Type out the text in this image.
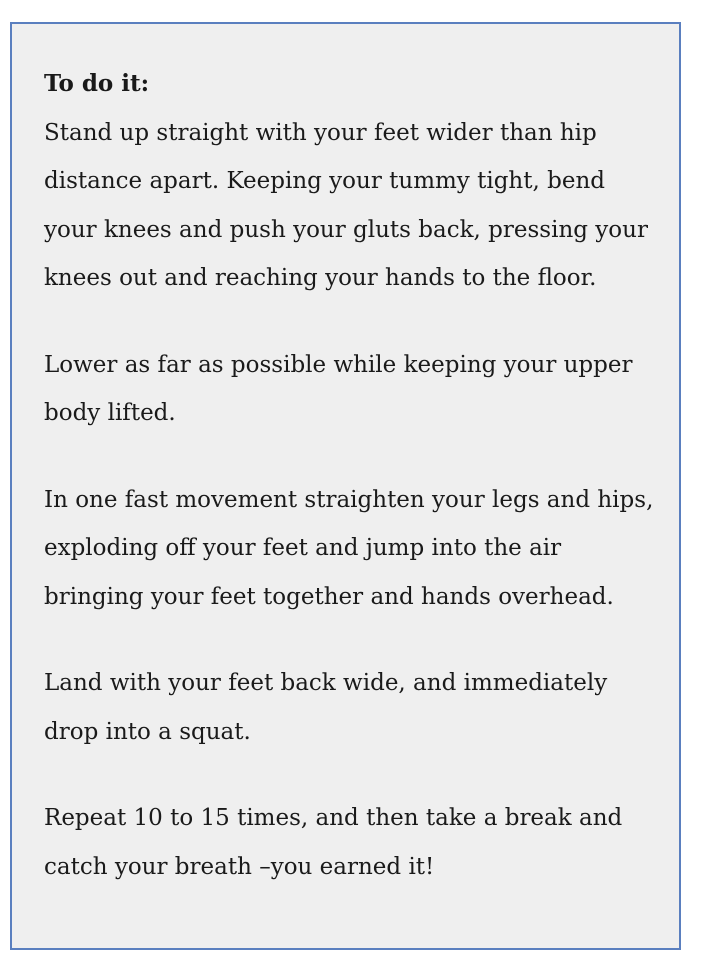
To do it:

Stand up straight with your feet wider than hip distance apart. Keeping your tummy tight, bend your knees and push your gluts back, pressing your knees out and reaching your hands to the floor.

Lower as far as possible while keeping your upper body lifted.

In one fast movement straighten your legs and hips, exploding off your feet and jump into the air bringing your feet together and hands overhead.

Land with your feet back wide, and immediately drop into a squat.

Repeat 10 to 15 times, and then take a break and catch your breath –you earned it!
